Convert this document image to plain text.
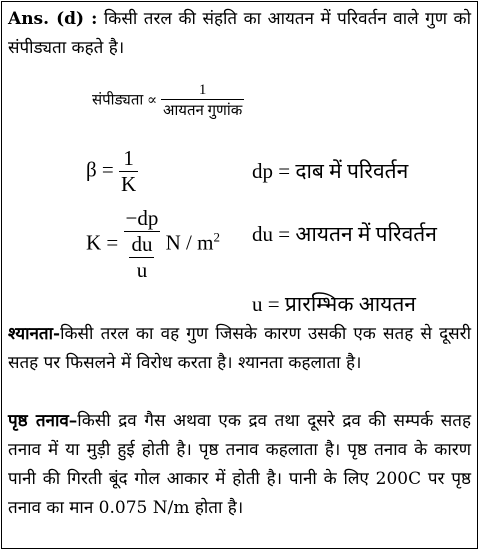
Ans. (d) : किसी तरल की संहति का आयतन में परिवर्तन वाले गुण को संपीड्यता कहते है।
संपीड्यता ∝ $\frac{1}{\text{आयतन गुणांक}}$
$\beta = \frac{1}{K}$	dp = दाब में परिवर्तन
$K = \frac{-dp}{\frac{du}{u}}$ N / $m^2$ du = आयतन में परिवर्तन
u = प्रारम्भिक आयतन
श्यानता-किसी तरल का वह गुण जिसके कारण उसकी एक सतह से दूसरी सतह पर फिसलने में विरोध करता है। श्यानता कहलाता है।
पृष्ठ तनाव–किसी द्रव गैस अथवा एक द्रव तथा दूसरे द्रव की सम्पर्क सतह तनाव में या मुड़ी हुई होती है। पृष्ठ तनाव कहलाता है। पृष्ठ तनाव के कारण पानी की गिरती बूंद गोल आकार में होती है। पानी के लिए 200C पर पृष्ठ तनाव का मान 0.075 N/m होता है।
